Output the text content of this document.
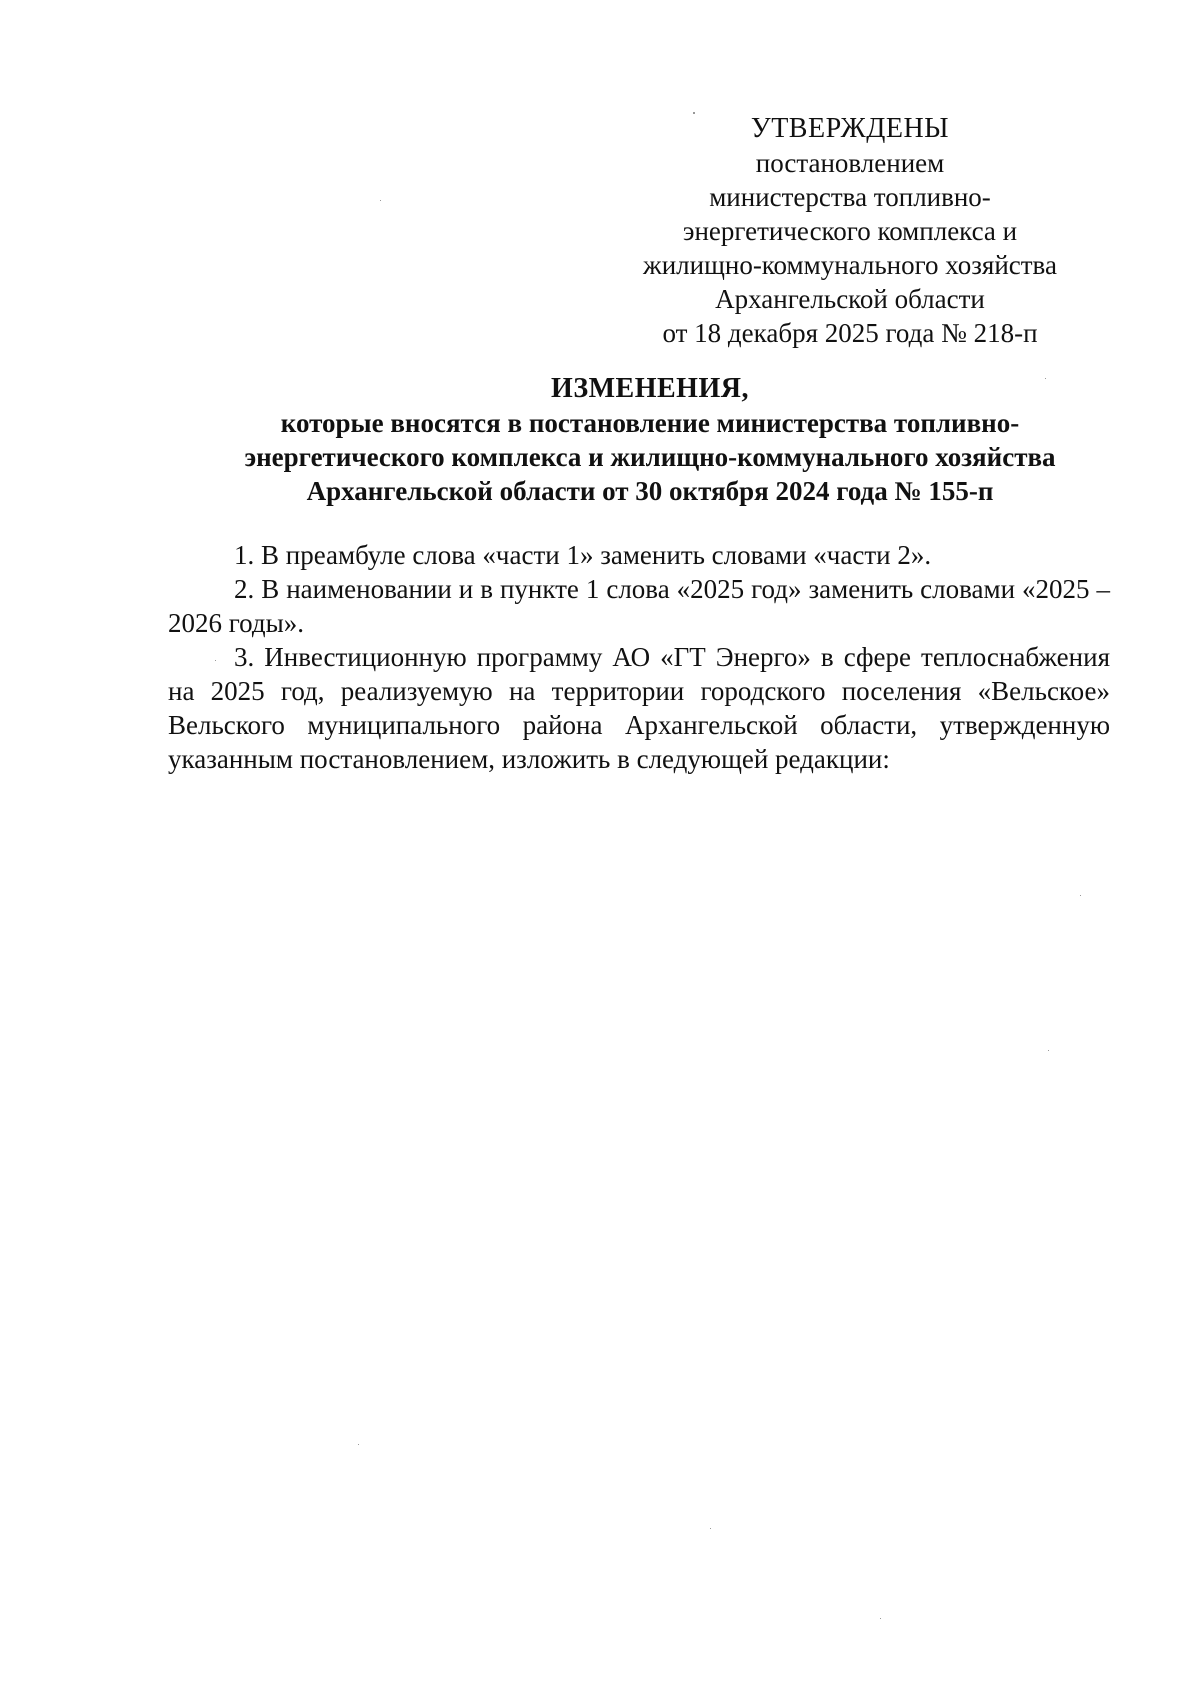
УТВЕРЖДЕНЫ
постановлением
министерства топливно-
энергетического комплекса и
жилищно-коммунального хозяйства
Архангельской области
от 18 декабря 2025 года № 218-п
ИЗМЕНЕНИЯ,
которые вносятся в постановление министерства топливно-
энергетического комплекса и жилищно-коммунального хозяйства
Архангельской области от 30 октября 2024 года № 155-п

1. В преамбуле слова «части 1» заменить словами «части 2».

2. В наименовании и в пункте 1 слова «2025 год» заменить словами «2025 – 2026 годы».

3. Инвестиционную программу АО «ГТ Энерго» в сфере теплоснабжения на 2025 год, реализуемую на территории городского поселения «Вельское» Вельского муниципального района Архангельской области, утвержденную указанным постановлением, изложить в следующей редакции:
